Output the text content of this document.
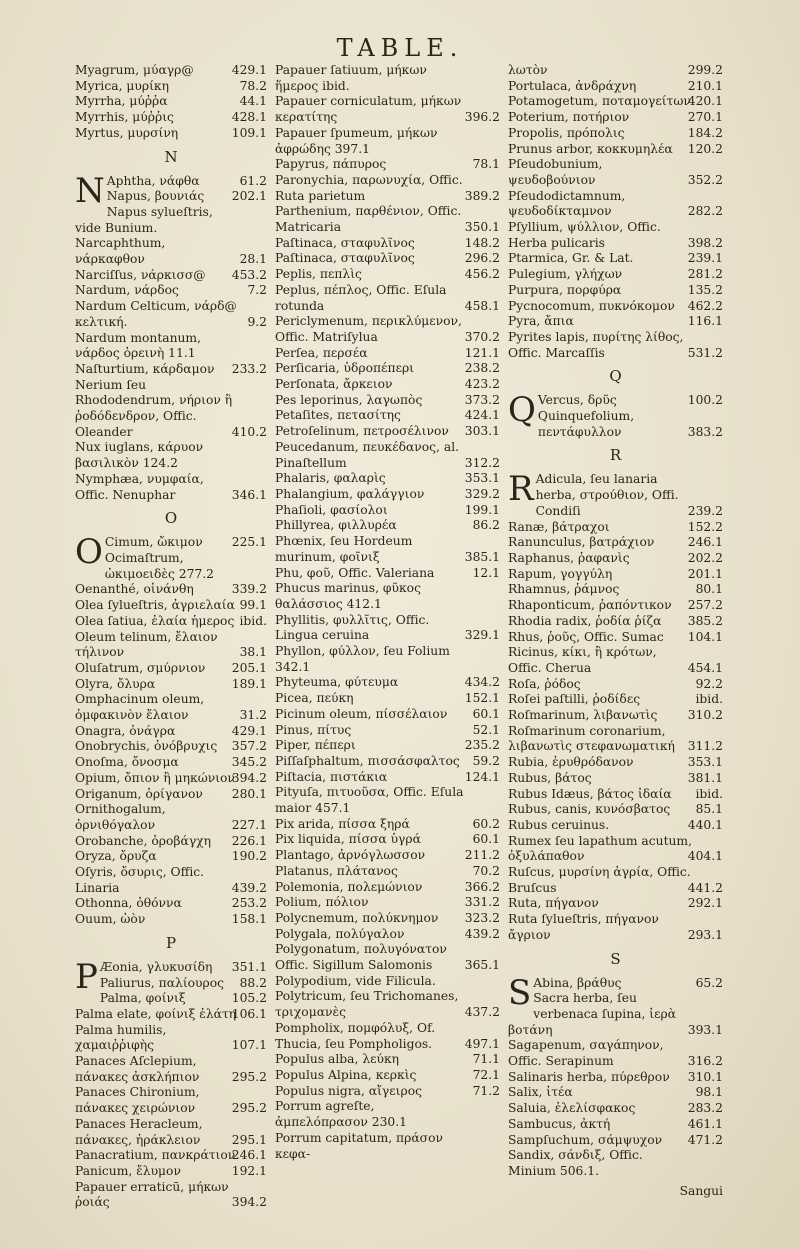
TABLE.
Myagrum, μύαγρ@	429.1
Myrica, μυρίκη	78.2
Myrrha, μύῤῥα	44.1
Myrrhis, μύῤῥις	428.1
Myrtus, μυρσίνη	109.1
N
N Aphtha, νάφθα	61.2
Napus, βουνιάς	202.1
Napus sylueſtris, vide Bunium.
Narcaphthum, νάρκαφθον	28.1
Narciſſus, νάρκισσ@	453.2
Nardum, νάρδος	7.2
Nardum Celticum, νάρδ@ κελτική.	9.2
Nardum montanum, νάρδος ὀρεινὴ 11.1
Naſturtium, κάρδαμον	233.2
Nerium ſeu Rhododendrum, νήριον ἢ ῥοδόδενδρον, Offic. Oleander	410.2
Nux iuglans, κάρυον βασιλικὸν 124.2
Nymphæa, νυμφαία, Offic. Nenuphar	346.1
O
O Cimum, ὤκιμον	225.1
Ocimaſtrum, ὠκιμοειδὲς 277.2
Oenanthé, οἰνάνθη	339.2
Olea ſylueſtris, ἀγριελαία 99.1
Olea ſatiua, ἐλαία ἡμερος ibid.
Oleum telinum, ἔλαιον τήλινον	38.1
Oluſatrum, σμύρνιον	205.1
Olyra, ὄλυρα	189.1
Omphacinum oleum, ὀμφακινὸν ἔλαιον	31.2
Onagra, ὀνάγρα	429.1
Onobrychis, ὀνόβρυχις	357.2
Onoſma, ὄνοσμα	345.2
Opium, ὄπιον ἢ μηκώνιον
394.2
Origanum, ὀρίγανον	280.1
Ornithogalum, ὀρνιθόγαλον	227.1
Orobanche, ὀροβάγχη	226.1
Oryza, ὄρυζα	190.2
Oſyris, ὄσυρις, Offic. Linaria	439.2
Othonna, ὀθόννα	253.2
Ouum, ὠὸν	158.1
P
P Æonia, γλυκυσίδη	351.1
Paliurus, παλίουρος	88.2
Palma, φοίνιξ	105.2
Palma elate, φοίνιξ ἐλάτη
106.1
Palma humilis, χαμαιῤῥιφὴς	107.1
Panaces Aſclepium, πάνακες ἀσκλήπιον	295.2
Panaces Chironium, πάνακες χειρώνιον	295.2
Panaces Heracleum, πάνακες, ἡράκλειον	295.1
Panacratium, πανκράτιον
246.1
Panicum, ἔλυμον	192.1
Papauer erraticū, μήκων ῥοιάς	394.2
Papauer ſatiuum, μήκων ἥμερος ibid.
Papauer corniculatum, μήκων κερατίτης	396.2
Papauer ſpumeum, μήκων ἀφρώδης 397.1
Papyrus, πάπυρος	78.1
Paronychia, παρωνυχία, Offic. Ruta parietum	389.2
Parthenium, παρθένιον, Offic. Matricaria	350.1
Paſtinaca, σταφυλῖνος	148.2
Paſtinaca, σταφυλῖνος	296.2
Peplis, πεπλὶς	456.2
Peplus, πέπλος, Offic. Eſula rotunda	458.1
Periclymenum, περικλύμενον, Offic. Matriſylua	370.2
Perſea, περσέα	121.1
Perſicaria, ὑδροπέπερι	238.2
Perſonata, ἄρκειον	423.2
Pes leporinus, λαγωπὸς	373.2
Petaſites, πετασίτης	424.1
Petroſelinum, πετροσέλινον	303.1
Peucedanum, πευκέδανος, al. Pinaſtellum	312.2
Phalaris, φαλαρὶς	353.1
Phalangium, φαλάγγιον	329.2
Phaſioli, φασίολοι	199.1
Phillyrea, φιλλυρέα	86.2
Phœnix, ſeu Hordeum murinum, φοῖνιξ	385.1
Phu, φοῦ, Offic. Valeriana	12.1
Phucus marinus, φῦκος θαλάσσιος 412.1
Phyllitis, φυλλῖτις, Offic. Lingua ceruina	329.1
Phyllon, φύλλον, ſeu Folium 342.1
Phyteuma, φύτευμα	434.2
Picea, πεύκη	152.1
Picinum oleum, πίσσέλαιον	60.1
Pinus, πίτυς	52.1
Piper, πέπερι	235.2
Piſſaſphaltum, πισσάσφαλτος	59.2
Piſtacia, πιστάκια	124.1
Pityuſa, πιτυοῦσα, Offic. Eſula maior 457.1
Pix arida, πίσσα ξηρά	60.2
Pix liquida, πίσσα ὑγρά	60.1
Plantago, ἀρνόγλωσσον	211.2
Platanus, πλάτανος	70.2
Polemonia, πολεμώνιον	366.2
Polium, πόλιον	331.2
Polycnemum, πολύκνημον	323.2
Polygala, πολύγαλον	439.2
Polygonatum, πολυγόνατον Offic. Sigillum Salomonis	365.1
Polypodium, vide Filicula.
Polytricum, ſeu Trichomanes, τριχομανὲς	437.2
Pompholix, πομφόλυξ, Of. Thucia, ſeu Pompholigos.	497.1
Populus alba, λεύκη	71.1
Populus Alpina, κερκὶς	72.1
Populus nigra, αἴγειρος	71.2
Porrum agreſte, ἀμπελόπρασον 230.1
Porrum capitatum, πράσον κεφα-
λωτὸν	299.2
Portulaca, ἀνδράχνη	210.1
Potamogetum, ποταμογείτων
420.1
Poterium, ποτήριον	270.1
Propolis, πρόπολις	184.2
Prunus arbor, κοκκυμηλέα	120.2
Pſeudobunium, ψευδοβούνιον	352.2
Pſeudodictamnum, ψευδοδίκταμνον	282.2
Pſyllium, ψύλλιον, Offic. Herba pulicaris	398.2
Ptarmica, Gr. & Lat.	239.1
Pulegium, γλήχων	281.2
Purpura, πορφύρα	135.2
Pycnocomum, πυκνόκομον	462.2
Pyra, ἄπια	116.1
Pyrites lapis, πυρίτης λίθος, Offic. Marcaſſis	531.2
Q
Q Vercus, δρῦς	100.2
Quinquefolium, πεντάφυλλον	383.2
R
R Adicula, ſeu lanaria herba, στρούθιον, Offi. Condiſi	239.2
Ranæ, βάτραχοι	152.2
Ranunculus, βατράχιον	246.1
Raphanus, ῥαφανὶς	202.2
Rapum, γογγύλη	201.1
Rhamnus, ῥάμνος	80.1
Rhaponticum, ῥαπόντικον	257.2
Rhodia radix, ῥοδία ῥίζα	385.2
Rhus, ῥοῦς, Offic. Sumac	104.1
Ricinus, κίκι, ἢ κρότων, Offic. Cherua	454.1
Roſa, ῥόδος	92.2
Roſei paſtilli, ῥοδίδες	ibid.
Roſmarinum, λιβανωτὶς	310.2
Roſmarinum coronarium, λιβανωτὶς στεφανωματική	311.2
Rubia, ἐρυθρόδανον	353.1
Rubus, βάτος	381.1
Rubus Idæus, βάτος ἰδαία	ibid.
Rubus, canis, κυνόσβατος	85.1
Rubus ceruinus.	440.1
Rumex ſeu lapathum acutum, ὀξυλάπαθον	404.1
Ruſcus, μυρσίνη ἀγρία, Offic. Bruſcus	441.2
Ruta, πήγανον	292.1
Ruta ſylueſtris, πήγανον ἄγριον	293.1
S
S Abina, βράθυς	65.2
Sacra herba, ſeu verbenaca ſupina, ἱερὰ βοτάνη	393.1
Sagapenum, σαγάπηνον, Offic. Serapinum	316.2
Salinaris herba, πύρεθρον	310.1
Salix, ἰτέα	98.1
Saluia, ἐλελίσφακος	283.2
Sambucus, ἀκτή	461.1
Sampſuchum, σάμψυχον	471.2
Sandix, σάνδιξ, Offic. Minium 506.1.
Sangui
